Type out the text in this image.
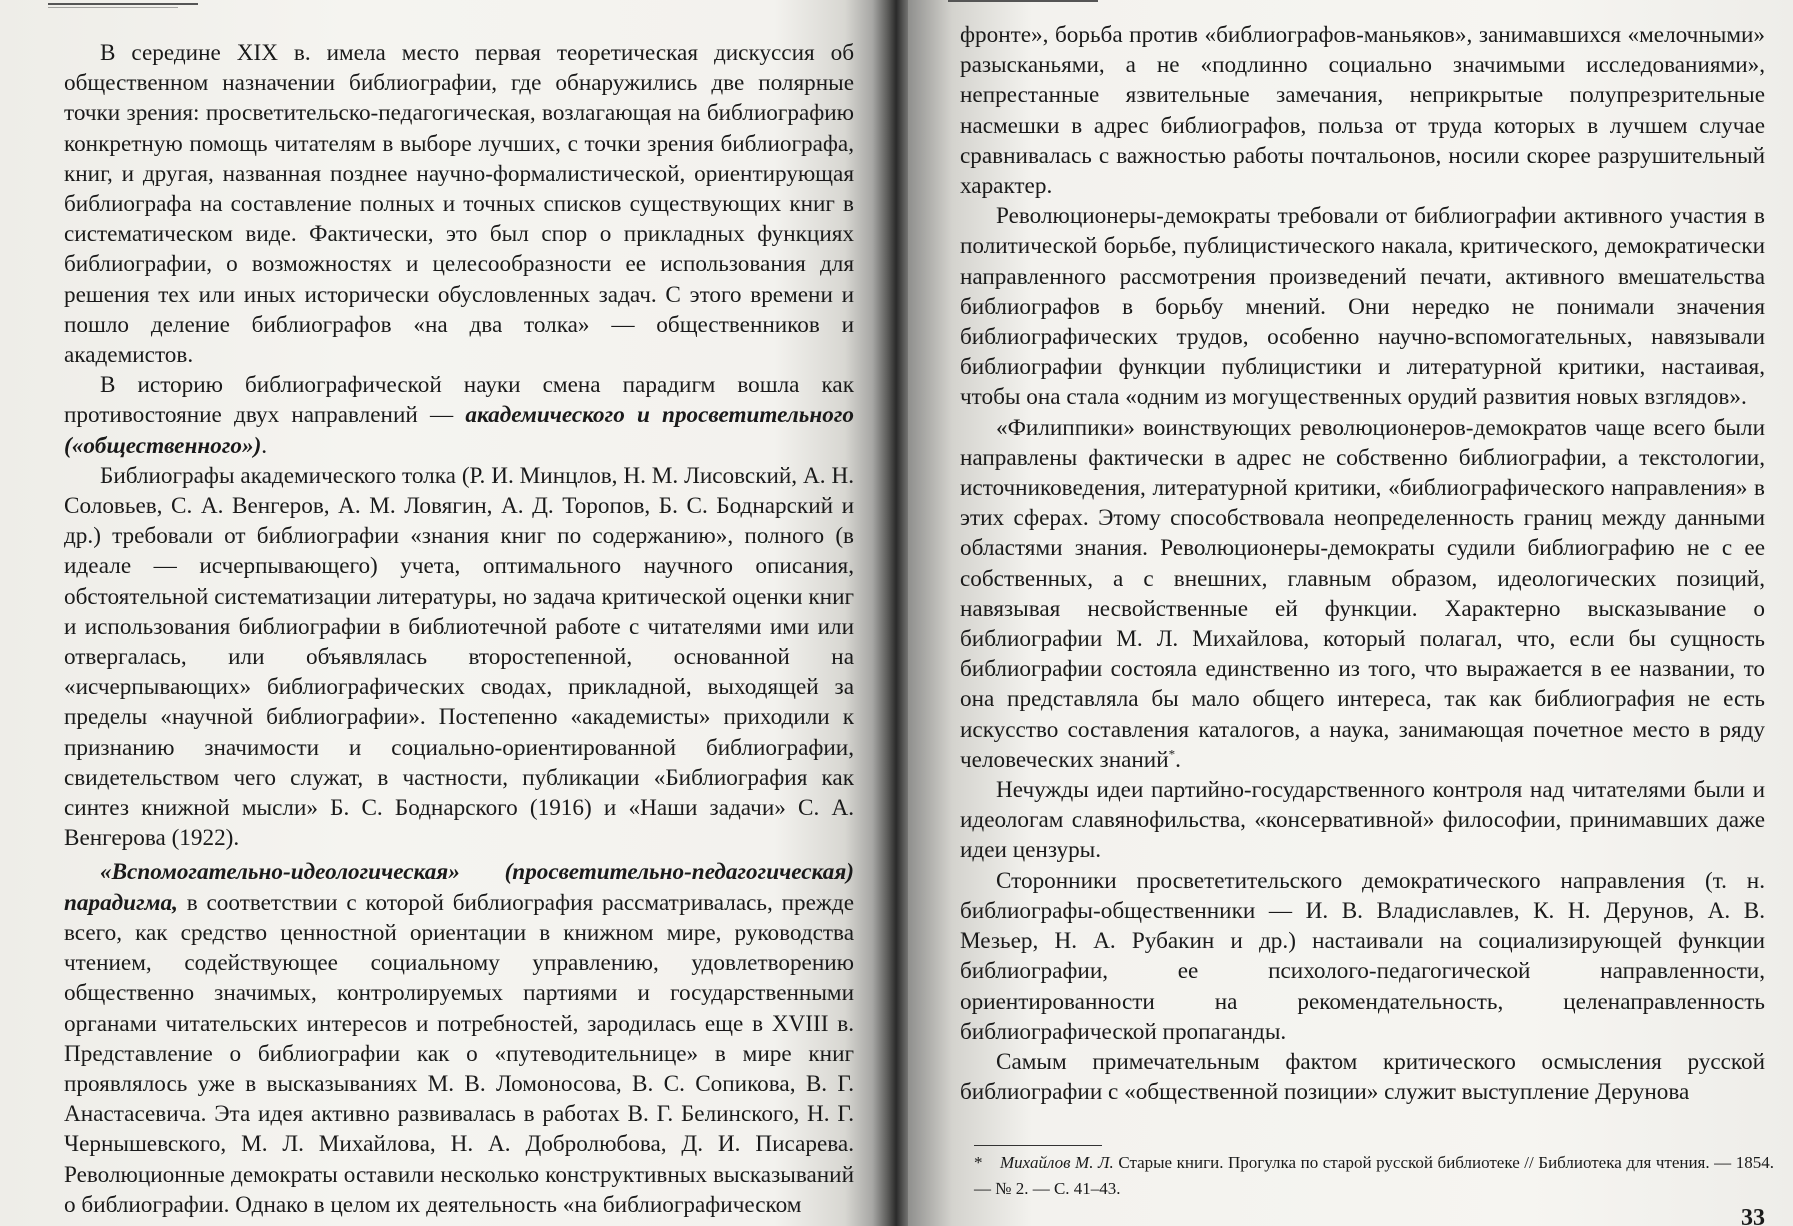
В середине XIX в. имела место первая теоретическая дискуссия об общественном назначении библиографии, где обнаружились две полярные точки зрения: просветительско-педагогическая, возлагающая на библиографию конкретную помощь читателям в выборе лучших, с точки зрения библиографа, книг, и другая, названная позднее научно-формалистической, ориентирующая библиографа на составление полных и точных списков существующих книг в систематическом виде. Фактически, это был спор о прикладных функциях библиографии, о возможностях и целесообразности ее использования для решения тех или иных исторически обусловленных задач. С этого времени и пошло деление библиографов «на два толка» — общественников и академистов.

В историю библиографической науки смена парадигм вошла как противостояние двух направлений — академического и просветительного («общественного»).

Библиографы академического толка (Р. И. Минцлов, Н. М. Лисовский, А. Н. Соловьев, С. А. Венгеров, А. М. Ловягин, А. Д. Торопов, Б. С. Боднарский и др.) требовали от библиографии «знания книг по содержанию», полного (в идеале — исчерпывающего) учета, оптимального научного описания, обстоятельной систематизации литературы, но задача критической оценки книг и использования библиографии в библиотечной работе с читателями ими или отвергалась, или объявлялась второстепенной, основанной на «исчерпывающих» библиографических сводах, прикладной, выходящей за пределы «научной библиографии». Постепенно «академисты» приходили к признанию значимости и социально-ориентированной библиографии, свидетельством чего служат, в частности, публикации «Библиография как синтез книжной мысли» Б. С. Боднарского (1916) и «Наши задачи» С. А. Венгерова (1922).

«Вспомогательно-идеологическая» (просветительно-педагогическая) парадигма, в соответствии с которой библиография рассматривалась, прежде всего, как средство ценностной ориентации в книжном мире, руководства чтением, содействующее социальному управлению, удовлетворению общественно значимых, контролируемых партиями и государственными органами читательских интересов и потребностей, зародилась еще в XVIII в. Представление о библиографии как о «путеводительнице» в мире книг проявлялось уже в высказываниях М. В. Ломоносова, В. С. Сопикова, В. Г. Анастасевича. Эта идея активно развивалась в работах В. Г. Белинского, Н. Г. Чернышевского, М. Л. Михайлова, Н. А. Добролюбова, Д. И. Писарева. Революционные демократы оставили несколько конструктивных высказываний о библиографии. Однако в целом их деятельность «на библиографическом

фронте», борьба против «библиографов-маньяков», занимавшихся «мелочными» разысканьями, а не «подлинно социально значимыми исследованиями», непрестанные язвительные замечания, неприкрытые полупрезрительные насмешки в адрес библиографов, польза от труда которых в лучшем случае сравнивалась с важностью работы почтальонов, носили скорее разрушительный характер.

Революционеры-демократы требовали от библиографии активного участия в политической борьбе, публицистического накала, критического, демократически направленного рассмотрения произведений печати, активного вмешательства библиографов в борьбу мнений. Они нередко не понимали значения библиографических трудов, особенно научно-вспомогательных, навязывали библиографии функции публицистики и литературной критики, настаивая, чтобы она стала «одним из могущественных орудий развития новых взглядов».

«Филиппики» воинствующих революционеров-демократов чаще всего были направлены фактически в адрес не собственно библиографии, а текстологии, источниковедения, литературной критики, «библиографического направления» в этих сферах. Этому способствовала неопределенность границ между данными областями знания. Революционеры-демократы судили библиографию не с ее собственных, а с внешних, главным образом, идеологических позиций, навязывая несвойственные ей функции. Характерно высказывание о библиографии М. Л. Михайлова, который полагал, что, если бы сущность библиографии состояла единственно из того, что выражается в ее названии, то она представляла бы мало общего интереса, так как библиография не есть искусство составления каталогов, а наука, занимающая почетное место в ряду человеческих знаний*.

Нечужды идеи партийно-государственного контроля над читателями были и идеологам славянофильства, «консервативной» философии, принимавших даже идеи цензуры.

Сторонники просвететительского демократического направления (т. н. библиографы-общественники — И. В. Владиславлев, К. Н. Дерунов, А. В. Мезьер, Н. А. Рубакин и др.) настаивали на социализирующей функции библиографии, ее психолого-педагогической направленности, ориентированности на рекомендательность, целенаправленность библиографической пропаганды.

Самым примечательным фактом критического осмысления русской библиографии с «общественной позиции» служит выступление Дерунова

* Михайлов М. Л. Старые книги. Прогулка по старой русской библиотеке // Библиотека для чтения. — 1854. — № 2. — С. 41–43.

33
